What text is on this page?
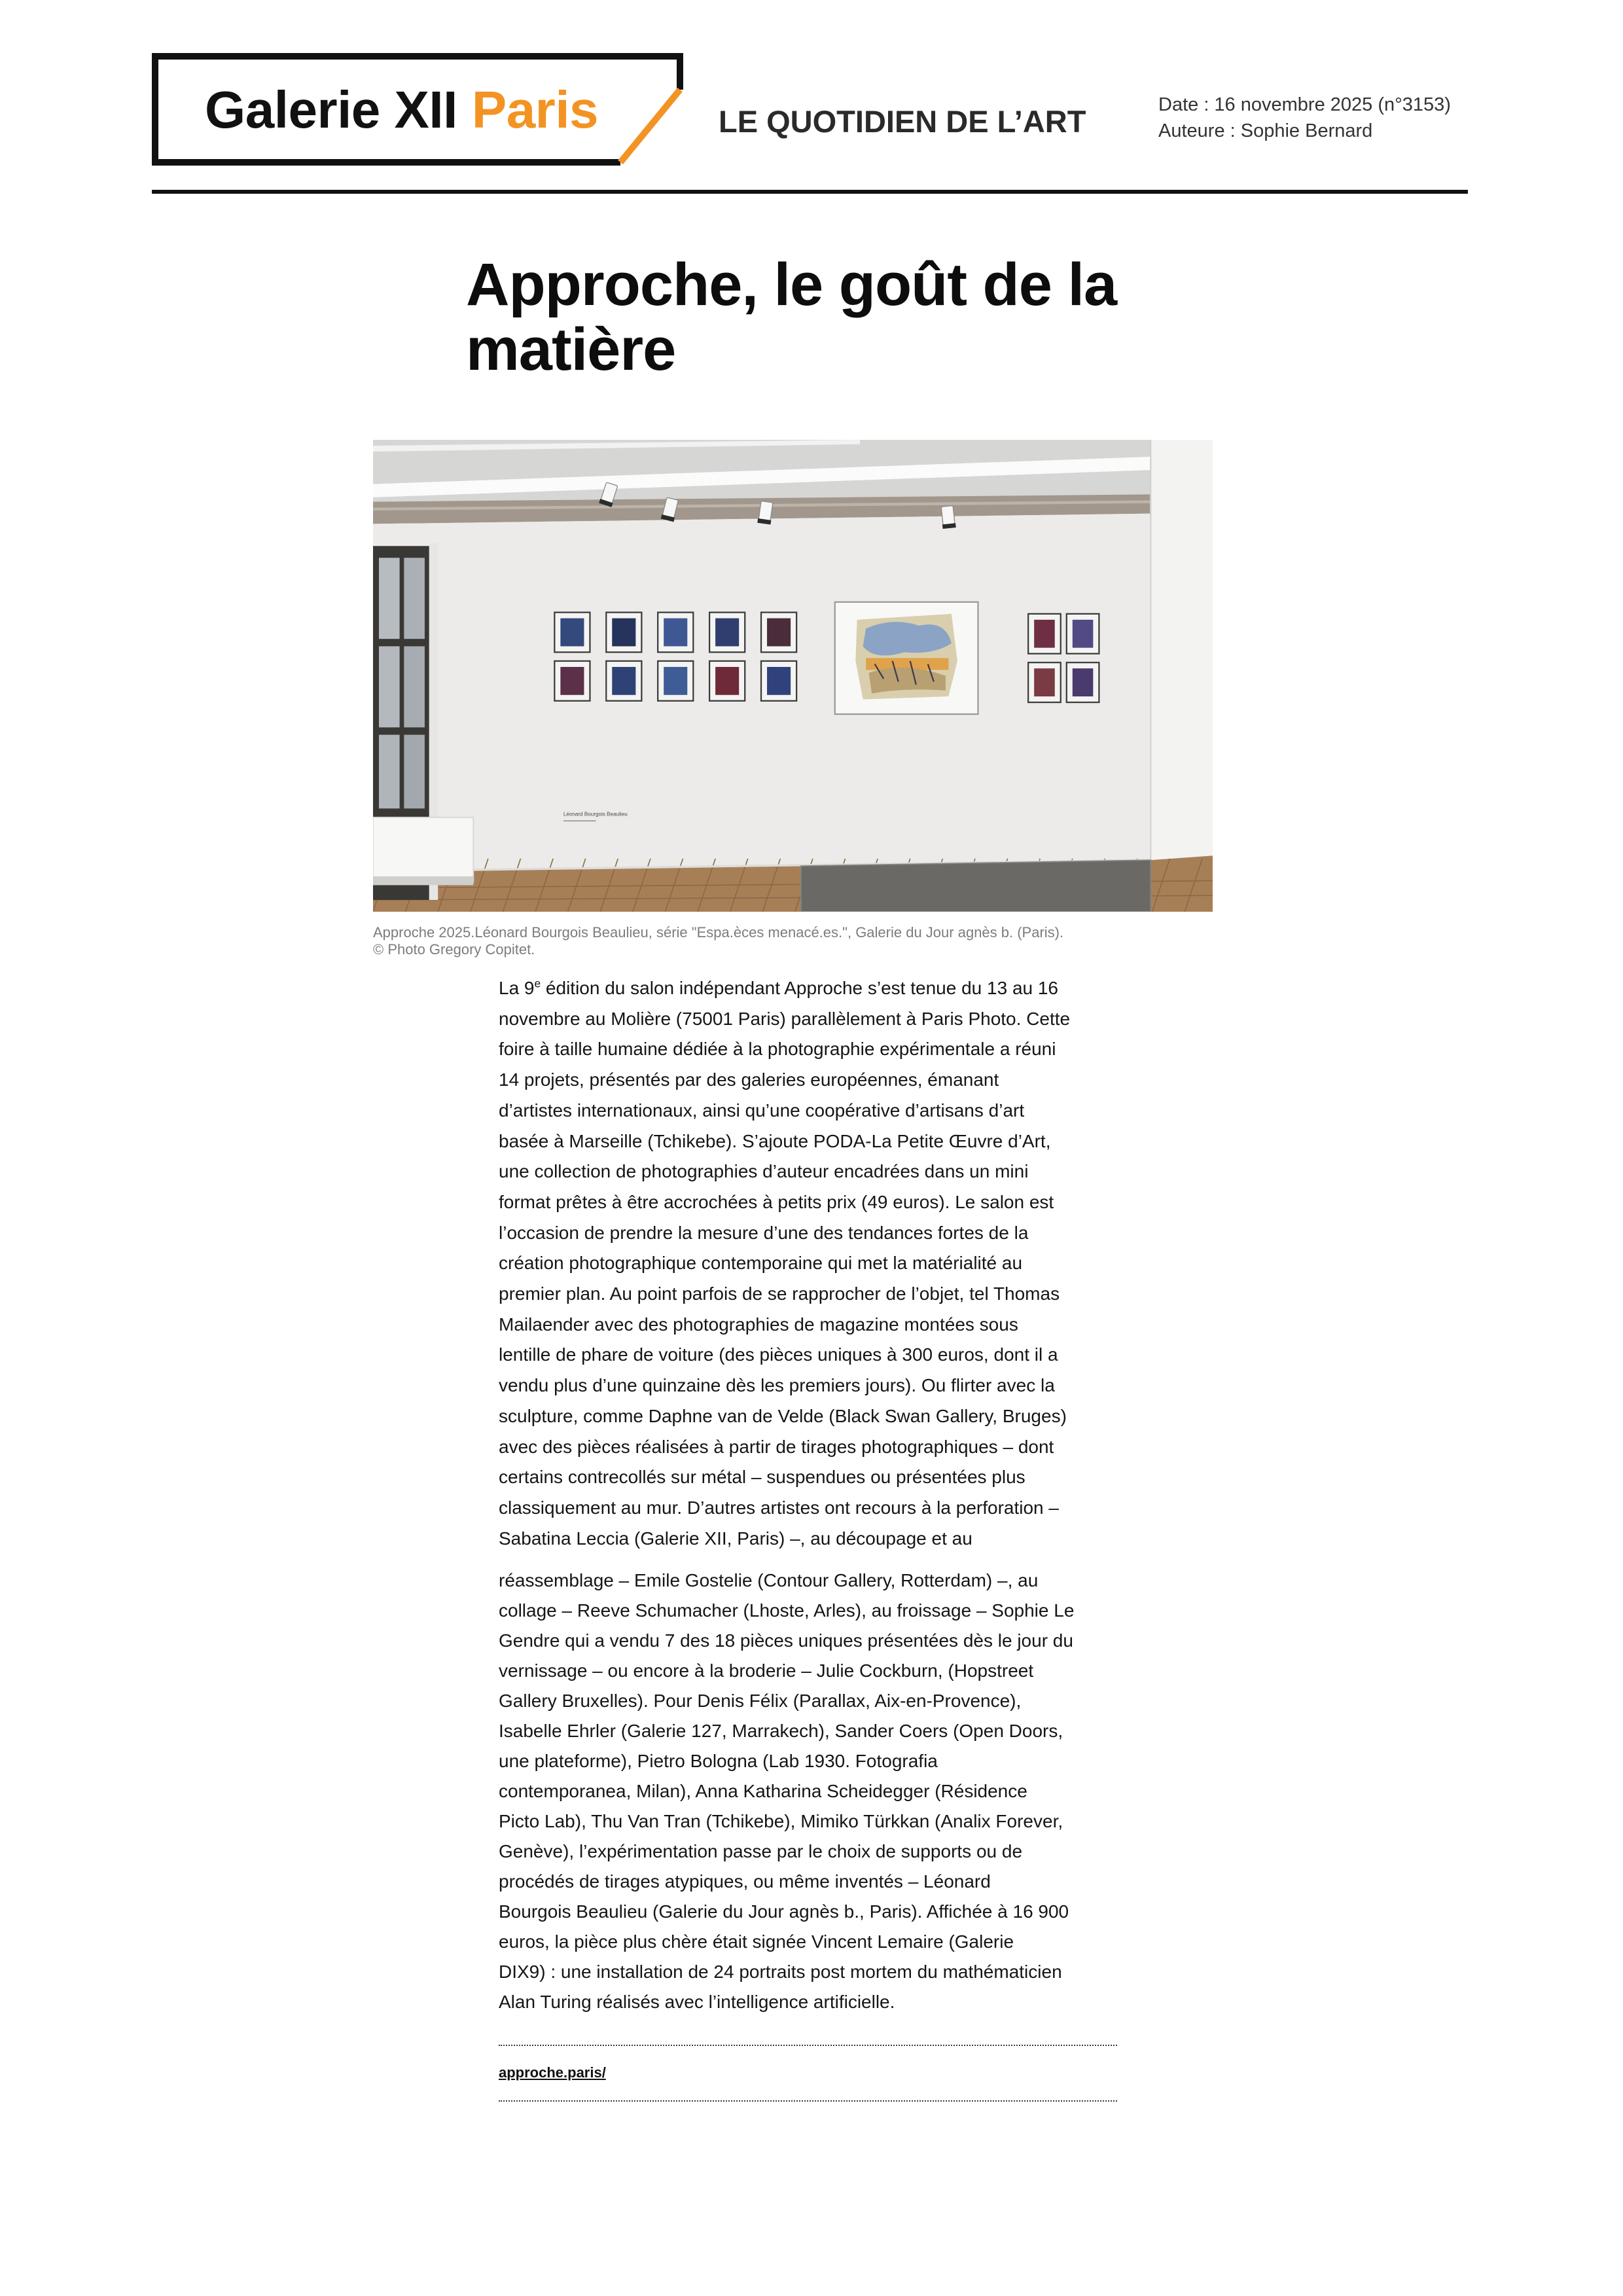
Galerie XII Paris	LE QUOTIDIEN DE L’ART	Date : 16 novembre 2025 (n°3153)
Auteure : Sophie Bernard
Approche, le goût de la
matière
Léonard Bourgois Beaulieu
Approche 2025.Léonard Bourgois Beaulieu, série "Espa.èces menacé.es.", Galerie du Jour agnès b. (Paris).
© Photo Gregory Copitet.
La 9e édition du salon indépendant Approche s’est tenue du 13 au 16
novembre au Molière (75001 Paris) parallèlement à Paris Photo. Cette
foire à taille humaine dédiée à la photographie expérimentale a réuni
14 projets, présentés par des galeries européennes, émanant
d’artistes internationaux, ainsi qu’une coopérative d’artisans d’art
basée à Marseille (Tchikebe). S’ajoute PODA-La Petite Œuvre d’Art,
une collection de photographies d’auteur encadrées dans un mini
format prêtes à être accrochées à petits prix (49 euros). Le salon est
l’occasion de prendre la mesure d’une des tendances fortes de la
création photographique contemporaine qui met la matérialité au
premier plan. Au point parfois de se rapprocher de l’objet, tel Thomas
Mailaender avec des photographies de magazine montées sous
lentille de phare de voiture (des pièces uniques à 300 euros, dont il a
vendu plus d’une quinzaine dès les premiers jours). Ou flirter avec la
sculpture, comme Daphne van de Velde (Black Swan Gallery, Bruges)
avec des pièces réalisées à partir de tirages photographiques – dont
certains contrecollés sur métal – suspendues ou présentées plus
classiquement au mur. D’autres artistes ont recours à la perforation –
Sabatina Leccia (Galerie XII, Paris) –, au découpage et au
réassemblage – Emile Gostelie (Contour Gallery, Rotterdam) –, au
collage – Reeve Schumacher (Lhoste, Arles), au froissage – Sophie Le
Gendre qui a vendu 7 des 18 pièces uniques présentées dès le jour du
vernissage – ou encore à la broderie – Julie Cockburn, (Hopstreet
Gallery Bruxelles). Pour Denis Félix (Parallax, Aix-en-Provence),
Isabelle Ehrler (Galerie 127, Marrakech), Sander Coers (Open Doors,
une plateforme), Pietro Bologna (Lab 1930. Fotografia
contemporanea, Milan), Anna Katharina Scheidegger (Résidence
Picto Lab), Thu Van Tran (Tchikebe), Mimiko Türkkan (Analix Forever,
Genève), l’expérimentation passe par le choix de supports ou de
procédés de tirages atypiques, ou même inventés – Léonard
Bourgois Beaulieu (Galerie du Jour agnès b., Paris). Affichée à 16 900
euros, la pièce plus chère était signée Vincent Lemaire (Galerie
DIX9) : une installation de 24 portraits post mortem du mathématicien
Alan Turing réalisés avec l’intelligence artificielle.
approche.paris/
